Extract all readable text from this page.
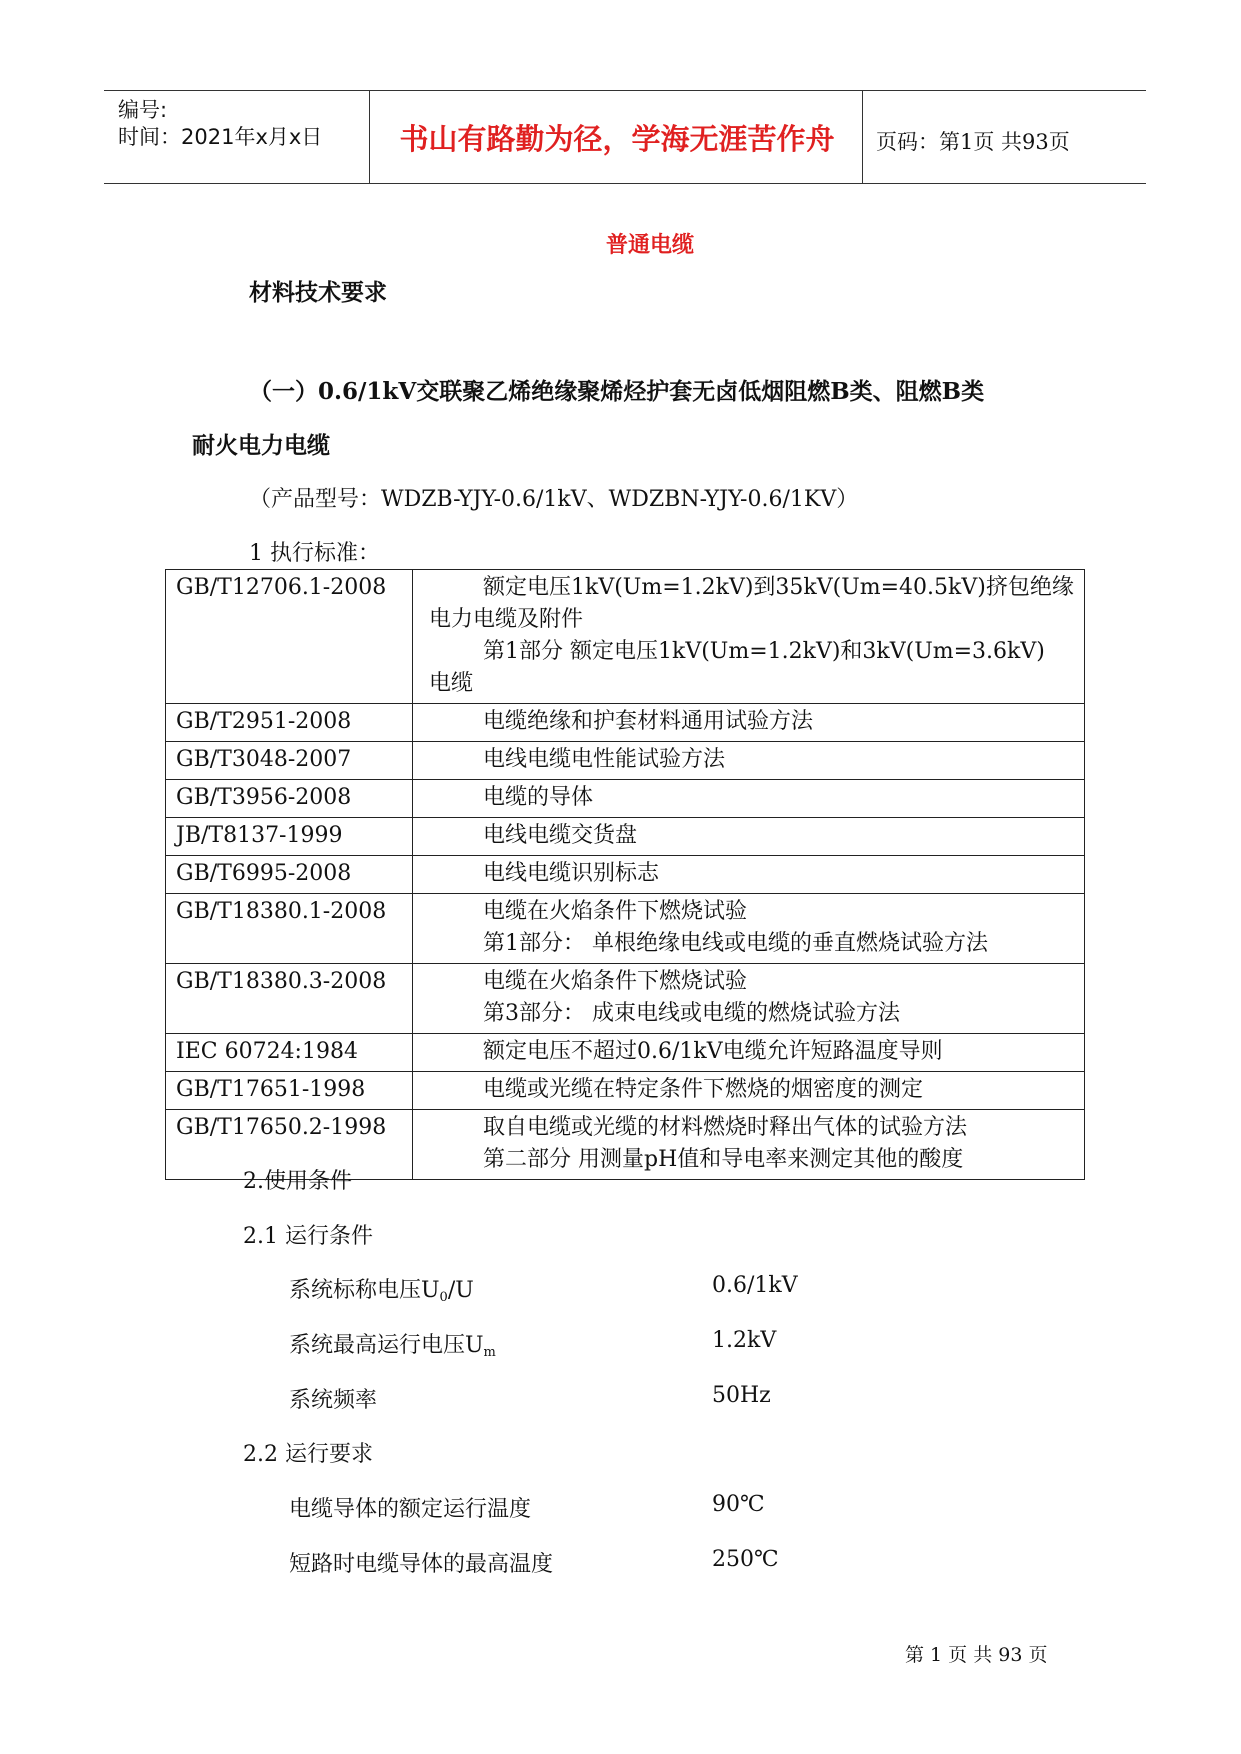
编号:
时间：2021年x月x日	书山有路勤为径，学海无涯苦作舟	页码：第1页 共93页
普通电缆
材料技术要求
（一）0.6/1kV交联聚乙烯绝缘聚烯烃护套无卤低烟阻燃B类、阻燃B类
耐火电力电缆
（产品型号：WDZB-YJY-0.6/1kV、WDZBN-YJY-0.6/1KV）
1 执行标准：
GB/T12706.1-2008	额定电压1kV(Um=1.2kV)到35kV(Um=40.5kV)挤包绝缘
电力电缆及附件
第1部分 额定电压1kV(Um=1.2kV)和3kV(Um=3.6kV)
电缆

GB/T2951-2008	电缆绝缘和护套材料通用试验方法

GB/T3048-2007	电线电缆电性能试验方法

GB/T3956-2008	电缆的导体

JB/T8137-1999	电线电缆交货盘

GB/T6995-2008	电线电缆识别标志

GB/T18380.1-2008	电缆在火焰条件下燃烧试验
第1部分： 单根绝缘电线或电缆的垂直燃烧试验方法

GB/T18380.3-2008	电缆在火焰条件下燃烧试验
第3部分： 成束电线或电缆的燃烧试验方法

IEC 60724:1984	额定电压不超过0.6/1kV电缆允许短路温度导则

GB/T17651-1998	电缆或光缆在特定条件下燃烧的烟密度的测定

GB/T17650.2-1998	取自电缆或光缆的材料燃烧时释出气体的试验方法
第二部分 用测量pH值和导电率来测定其他的酸度
2.使用条件
2.1 运行条件
系统标称电压$U_0/U$	0.6/1kV
系统最高运行电压$U_m$	1.2kV
系统频率	50Hz
2.2 运行要求
电缆导体的额定运行温度	90℃
短路时电缆导体的最高温度	250℃
第 1 页 共 93 页
